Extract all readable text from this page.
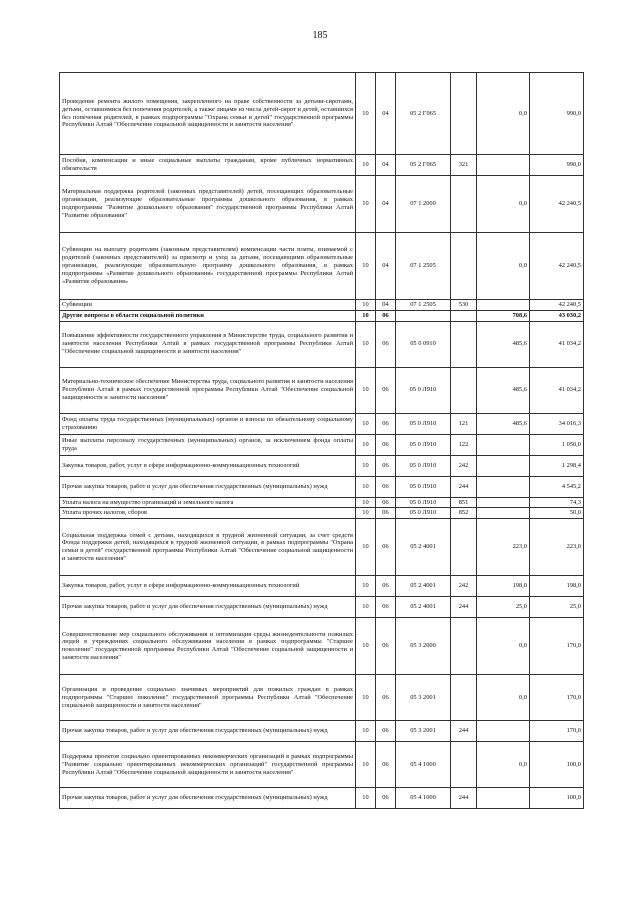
185
Проведение ремонта жилого помещения, закрепленного на праве собственности за детьми-сиротами, детьми, оставшимися без попечения родителей, а также лицами из числа детей-сирот и детей, оставшихся без попечения родителей, в рамках подпрограммы "Охрана семьи и детей" государственной программы Республики Алтай "Обеспечение социальной защищенности и занятости населения"	10	04	05 2 Г065		0,0	990,0
Пособия, компенсации и иные социальные выплаты гражданам, кроме публичных нормативных обязательств	10	04	05 2 Г065	321		990,0
Материальная поддержка родителей (законных представителей) детей, посещающих образовательные организации, реализующие образовательные программы дошкольного образования, в рамках подпрограммы "Развитие дошкольного образования" государственной программы Республики Алтай "Развитие образования"	10	04	07 1 2000		0,0	42 240,5
Субвенции на выплату родителям (законным представителям) компенсации части платы, взимаемой с родителей (законных представителей) за присмотр и уход за детьми, посещающими образовательные организации, реализующие образовательную программу дошкольного образования, в рамках подпрограммы «Развитие дошкольного образования» государственной программы Республики Алтай «Развитие образования»	10	04	07 1 2505		0,0	42 240,5
Субвенции	10	04	07 1 2505	530		42 240,5
Другие вопросы в области социальной политики	10	06			708,6	43 030,2
Повышение эффективности государственного управления в Министерстве труда, социального развития и занятости населения Республики Алтай в рамках государственной программы Республики Алтай "Обеспечение социальной защищенности и занятости населения"	10	06	05 0 0910		485,6	41 034,2
Материально-техническое обеспечение Министерства труда, социального развития и занятости населения Республики Алтай в рамках государственной программы Республики Алтай "Обеспечение социальной защищенности и занятости населения"	10	06	05 0 Л910		485,6	41 034,2
Фонд оплаты труда государственных (муниципальных) органов и взносы по обязательному социальному страхованию	10	06	05 0 Л910	121	485,6	34 016,3
Иные выплаты персоналу государственных (муниципальных) органов, за исключением фонда оплаты труда	10	06	05 0 Л910	122		1 050,0
Закупка товаров, работ, услуг в сфере информационно-коммуникационных технологий	10	06	05 0 Л910	242		1 298,4
Прочая закупка товаров, работ и услуг для обеспечения государственных (муниципальных) нужд	10	06	05 0 Л910	244		4 545,2
Уплата налога на имущество организаций и земельного налога	10	06	05 0 Л910	851		74,3
Уплата прочих налогов, сборов	10	06	05 0 Л910	852		50,0
Социальная поддержка семей с детьми, находящихся в трудной жизненной ситуации, за счет средств Фонда поддержки детей, находящихся в трудной жизненной ситуации, в рамках подпрограммы "Охрана семьи и детей" государственной программы Республики Алтай "Обеспечение социальной защищенности и занятости населения"	10	06	05 2 4001		223,0	223,0
Закупка товаров, работ, услуг в сфере информационно-коммуникационных технологий	10	06	05 2 4001	242	198,0	198,0
Прочая закупка товаров, работ и услуг для обеспечения государственных (муниципальных) нужд	10	06	05 2 4001	244	25,0	25,0
Совершенствование мер социального обслуживания и оптимизация среды жизнедеятельности пожилых людей в учреждениях социального обслуживания населения в рамках подпрограммы "Старшее поколение" государственной программы Республики Алтай "Обеспечение социальной защищенности и занятости населения"	10	06	05 3 2000		0,0	170,0
Организация и проведение социально значимых мероприятий для пожилых граждан в рамках подпрограммы "Старшее поколение" государственной программы Республики Алтай "Обеспечение социальной защищенности и занятости населения"	10	06	05 3 2001		0,0	170,0
Прочая закупка товаров, работ и услуг для обеспечения государственных (муниципальных) нужд	10	06	05 3 2001	244		170,0
Поддержка проектов социально ориентированных некоммерческих организаций в рамках подпрограммы "Развитие социально ориентированных некоммерческих организаций" государственной программы Республики Алтай "Обеспечение социальной защищенности и занятости населения"	10	06	05 4 1000		0,0	100,0
Прочая закупка товаров, работ и услуг для обеспечения государственных (муниципальных) нужд	10	06	05 4 1000	244		100,0
